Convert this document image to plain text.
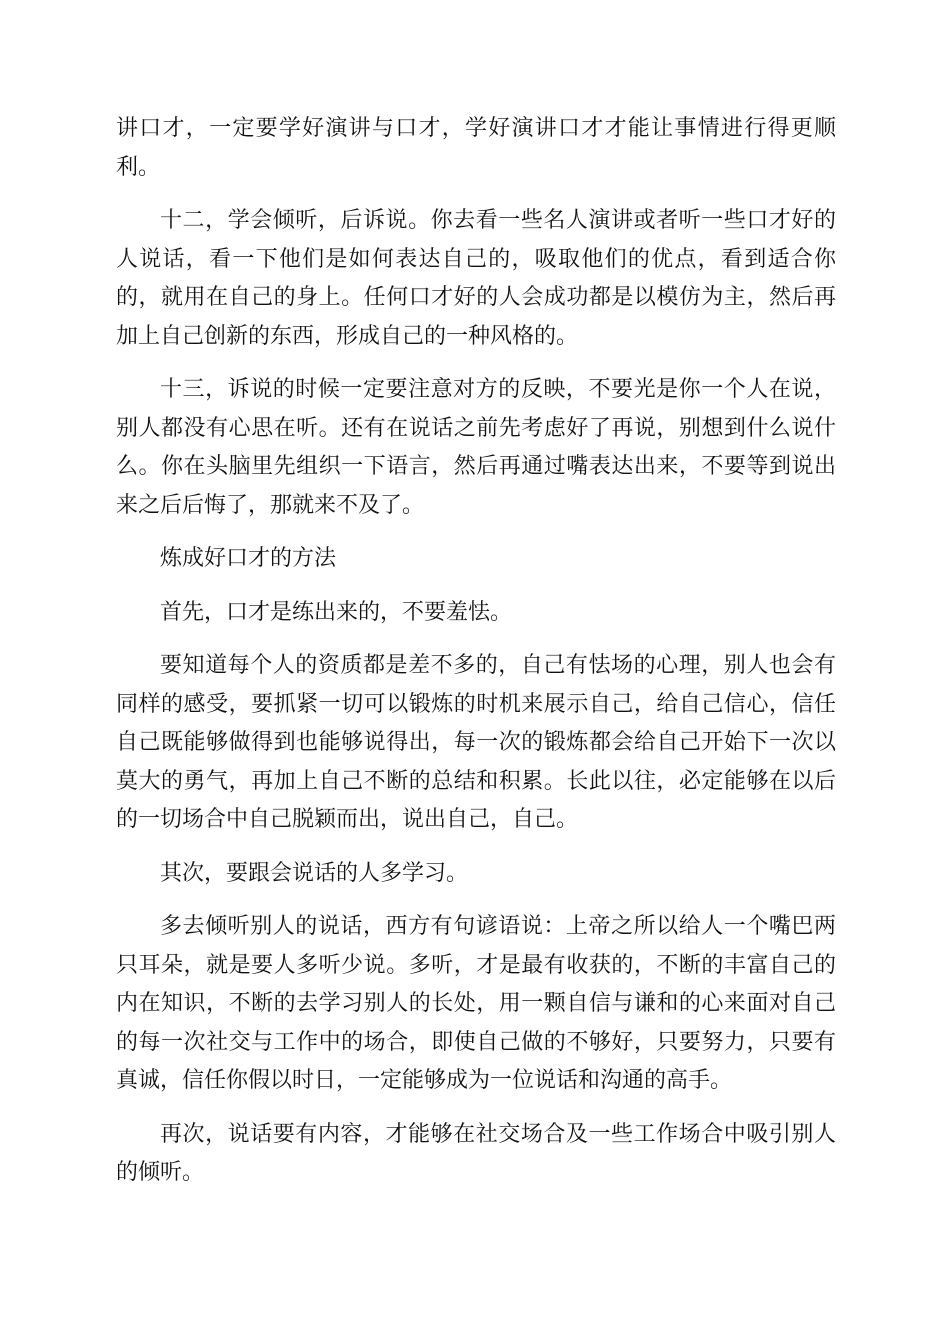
讲口才，一定要学好演讲与口才，学好演讲口才才能让事情进行得更顺利。

十二，学会倾听，后诉说。你去看一些名人演讲或者听一些口才好的人说话，看一下他们是如何表达自己的，吸取他们的优点，看到适合你的，就用在自己的身上。任何口才好的人会成功都是以模仿为主，然后再加上自己创新的东西，形成自己的一种风格的。

十三，诉说的时候一定要注意对方的反映，不要光是你一个人在说，别人都没有心思在听。还有在说话之前先考虑好了再说，别想到什么说什么。你在头脑里先组织一下语言，然后再通过嘴表达出来，不要等到说出来之后后悔了，那就来不及了。

炼成好口才的方法

首先，口才是练出来的，不要羞怯。

要知道每个人的资质都是差不多的，自己有怯场的心理，别人也会有同样的感受，要抓紧一切可以锻炼的时机来展示自己，给自己信心，信任自己既能够做得到也能够说得出，每一次的锻炼都会给自己开始下一次以莫大的勇气，再加上自己不断的总结和积累。长此以往，必定能够在以后的一切场合中自己脱颖而出，说出自己，自己。

其次，要跟会说话的人多学习。

多去倾听别人的说话，西方有句谚语说：上帝之所以给人一个嘴巴两只耳朵，就是要人多听少说。多听，才是最有收获的，不断的丰富自己的内在知识，不断的去学习别人的长处，用一颗自信与谦和的心来面对自己的每一次社交与工作中的场合，即使自己做的不够好，只要努力，只要有真诚，信任你假以时日，一定能够成为一位说话和沟通的高手。

再次，说话要有内容，才能够在社交场合及一些工作场合中吸引别人的倾听。
